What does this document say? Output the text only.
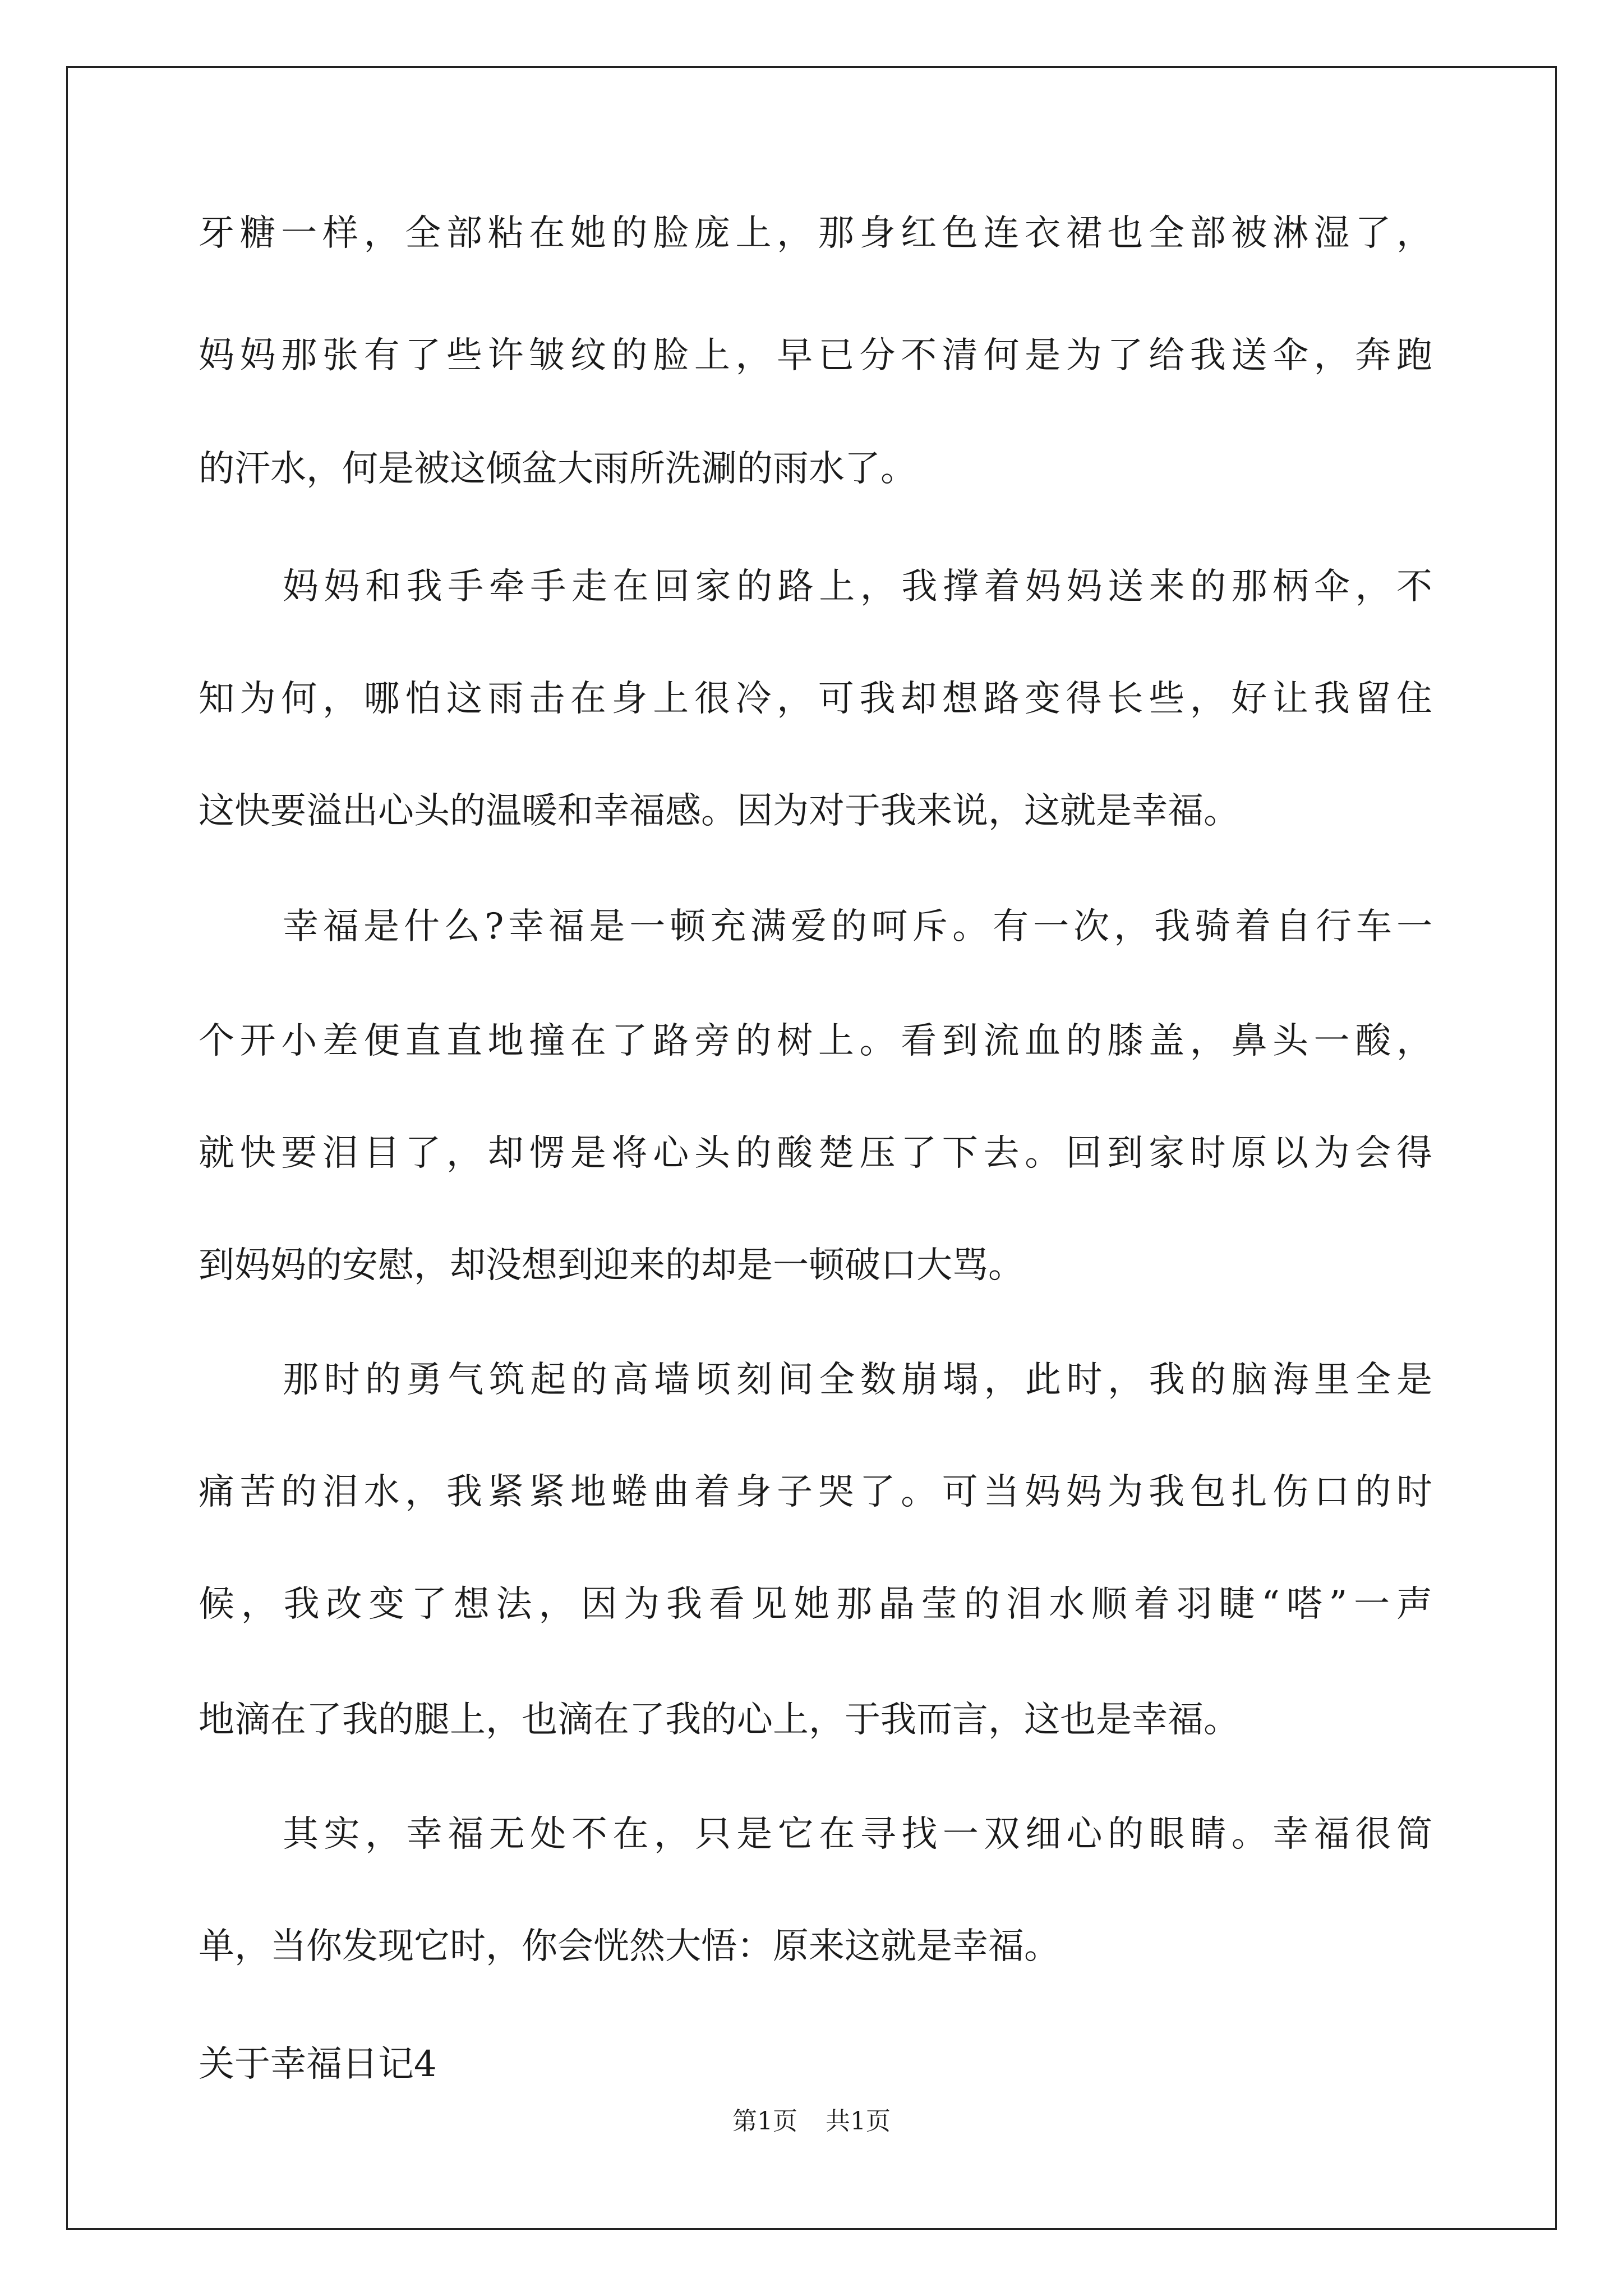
牙糖一样，全部粘在她的脸庞上，那身红色连衣裙也全部被淋湿了，
妈妈那张有了些许皱纹的脸上，早已分不清何是为了给我送伞，奔跑
的汗水，何是被这倾盆大雨所洗涮的雨水了。
妈妈和我手牵手走在回家的路上，我撑着妈妈送来的那柄伞，不
知为何，哪怕这雨击在身上很冷，可我却想路变得长些，好让我留住
这快要溢出心头的温暖和幸福感。因为对于我来说，这就是幸福。
幸福是什么?幸福是一顿充满爱的呵斥。有一次，我骑着自行车一
个开小差便直直地撞在了路旁的树上。看到流血的膝盖，鼻头一酸，
就快要泪目了，却愣是将心头的酸楚压了下去。回到家时原以为会得
到妈妈的安慰，却没想到迎来的却是一顿破口大骂。
那时的勇气筑起的高墙顷刻间全数崩塌，此时，我的脑海里全是
痛苦的泪水，我紧紧地蜷曲着身子哭了。可当妈妈为我包扎伤口的时
候，我改变了想法，因为我看见她那晶莹的泪水顺着羽睫“嗒”一声
地滴在了我的腿上，也滴在了我的心上，于我而言，这也是幸福。
其实，幸福无处不在，只是它在寻找一双细心的眼睛。幸福很简
单，当你发现它时，你会恍然大悟：原来这就是幸福。
关于幸福日记4
第1页 共1页
